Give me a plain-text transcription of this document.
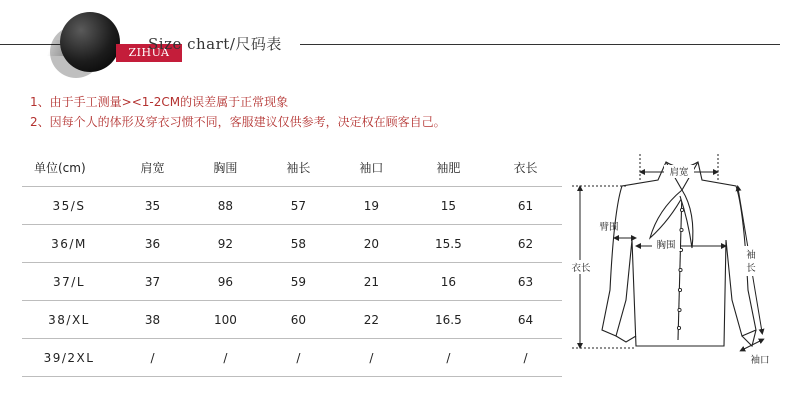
ZIHUA
Size chart/尺码表
1、由于手工测量><1-2CM的误差属于正常现象
2、因每个人的体形及穿衣习惯不同，客服建议仅供参考，决定权在顾客自己。
单位(cm)	肩宽	胸围	袖长	袖口	袖肥	衣长
35/S	35	88	57	19	15	61
36/M	36	92	58	20	15.5	62
37/L	37	96	59	21	16	63
38/XL	38	100	60	22	16.5	64
39/2XL	/	/	/	/	/	/
肩宽
臂围
胸围
衣长
袖
长
袖口
